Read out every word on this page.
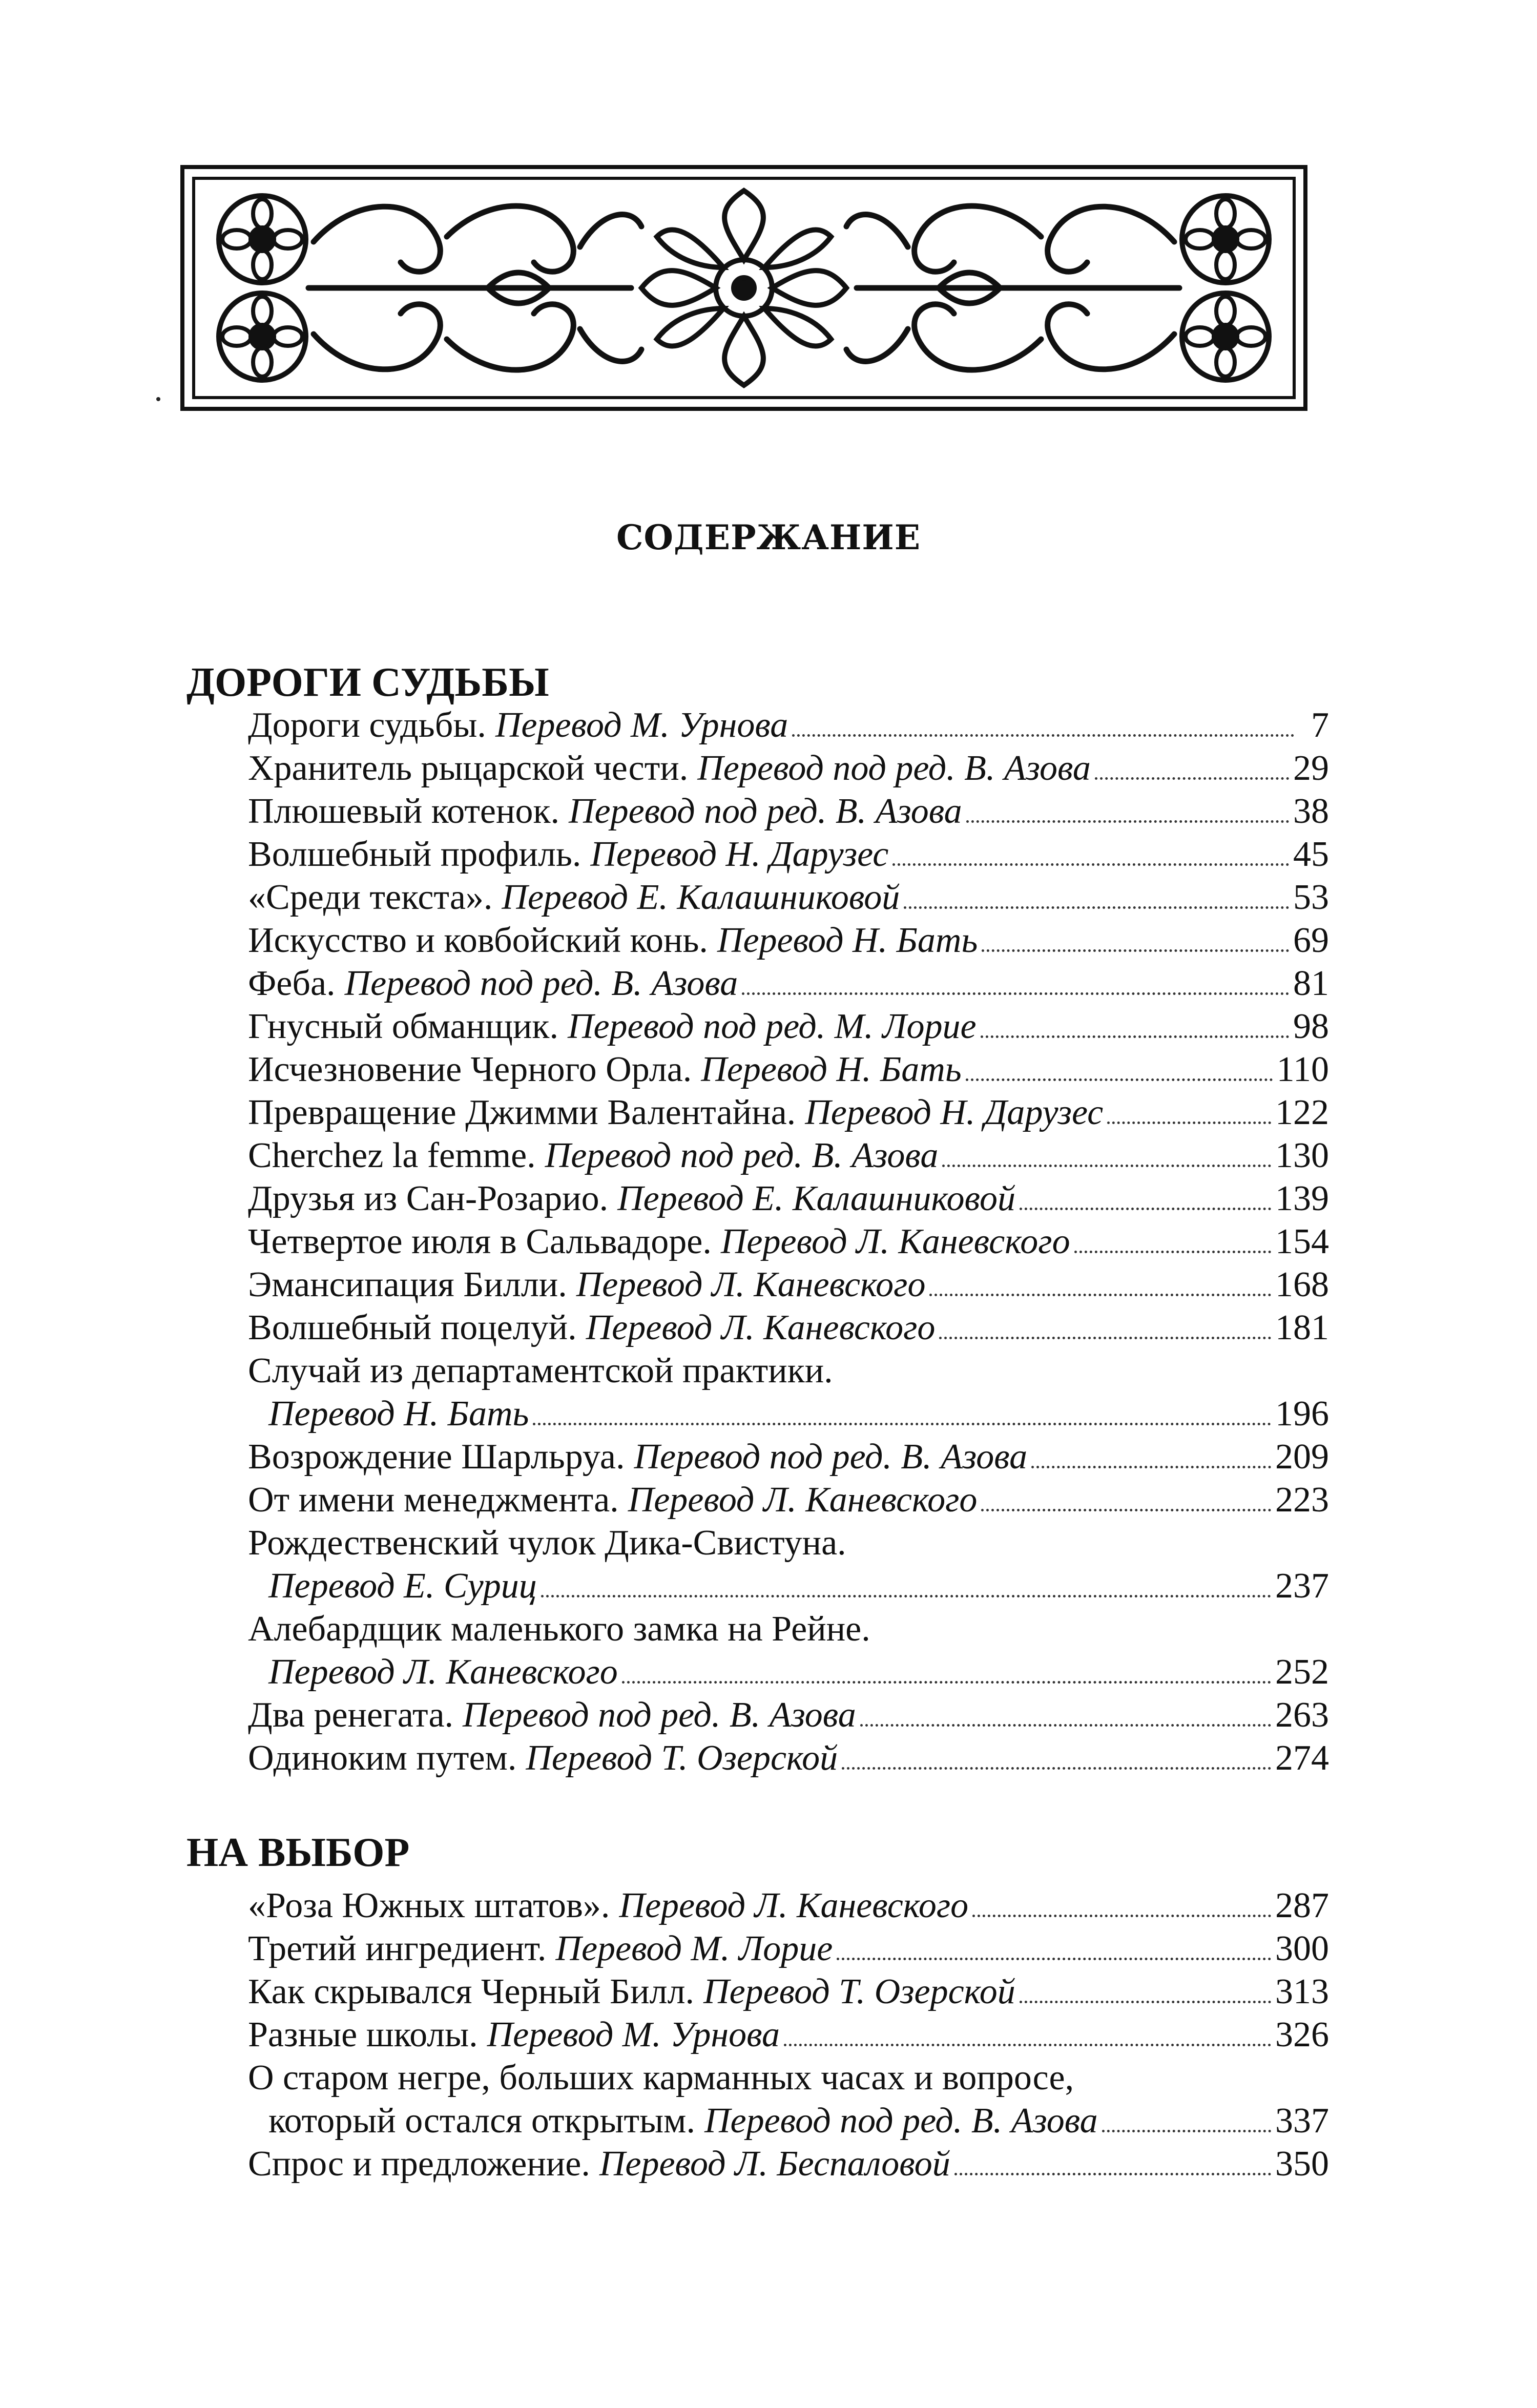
СОДЕРЖАНИЕ
ДОРОГИ СУДЬБЫ
Дороги судьбы. Перевод М. Урнова	7
Хранитель рыцарской чести. Перевод под ред. В. Азова	29
Плюшевый котенок. Перевод под ред. В. Азова	38
Волшебный профиль. Перевод Н. Дарузес	45
«Среди текста». Перевод Е. Калашниковой	53
Искусство и ковбойский конь. Перевод Н. Бать	69
Феба. Перевод под ред. В. Азова	81
Гнусный обманщик. Перевод под ред. М. Лорие	98
Исчезновение Черного Орла. Перевод Н. Бать	110
Превращение Джимми Валентайна. Перевод Н. Дарузес	122
Cherchez la femme. Перевод под ред. В. Азова	130
Друзья из Сан-Розарио. Перевод Е. Калашниковой	139
Четвертое июля в Сальвадоре. Перевод Л. Каневского	154
Эмансипация Билли. Перевод Л. Каневского	168
Волшебный поцелуй. Перевод Л. Каневского	181
Случай из департаментской практики.
Перевод Н. Бать	196
Возрождение Шарльруа. Перевод под ред. В. Азова	209
От имени менеджмента. Перевод Л. Каневского	223
Рождественский чулок Дика-Свистуна.
Перевод Е. Суриц	237
Алебардщик маленького замка на Рейне.
Перевод Л. Каневского	252
Два ренегата. Перевод под ред. В. Азова	263
Одиноким путем. Перевод Т. Озерской	274
НА ВЫБОР
«Роза Южных штатов». Перевод Л. Каневского	287
Третий ингредиент. Перевод М. Лорие	300
Как скрывался Черный Билл. Перевод Т. Озерской	313
Разные школы. Перевод М. Урнова	326
О старом негре, больших карманных часах и вопросе,
который остался открытым. Перевод под ред. В. Азова	337
Спрос и предложение. Перевод Л. Беспаловой	350
